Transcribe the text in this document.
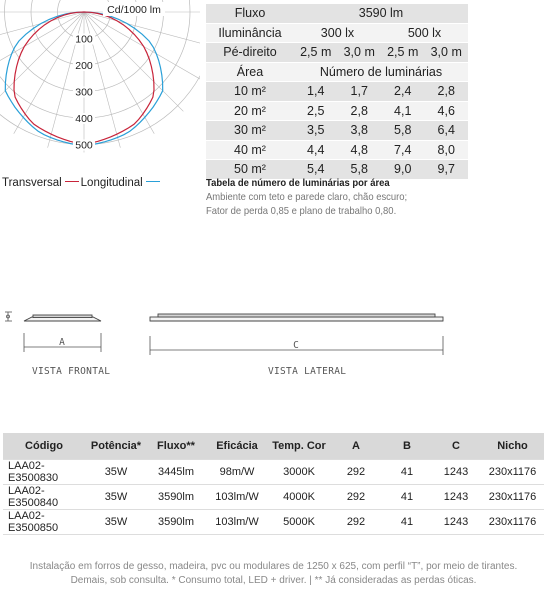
100
200
300
400
500
Cd/1000 lm
Transversal Longitudinal
Fluxo	3590 lm			
Iluminância	300 lx		500 lx	
Pé-direito	2,5 m	3,0 m	2,5 m	3,0 m
Área	Número de luminárias			
10 m²	1,4	1,7	2,4	2,8
20 m²	2,5	2,8	4,1	4,6
30 m²	3,5	3,8	5,8	6,4
40 m²	4,4	4,8	7,4	8,0
50 m²	5,4	5,8	9,0	9,7
Tabela de número de luminárias por área
Ambiente com teto e parede claro, chão escuro;
Fator de perda 0,85 e plano de trabalho 0,80.
A	C
VISTA FRONTAL	VISTA LATERAL
Código	Potência*	Fluxo**	Eficácia	Temp. Cor	A	B	C	Nicho
LAA02-E3500830	35W	3445lm	98m/W	3000K	292	41	1243	230x1176
LAA02-E3500840	35W	3590lm	103lm/W	4000K	292	41	1243	230x1176
LAA02-E3500850	35W	3590lm	103lm/W	5000K	292	41	1243	230x1176
Instalação em forros de gesso, madeira, pvc ou modulares de 1250 x 625, com perfil “T”, por meio de tirantes.
Demais, sob consulta. * Consumo total, LED + driver. | ** Já consideradas as perdas óticas.
